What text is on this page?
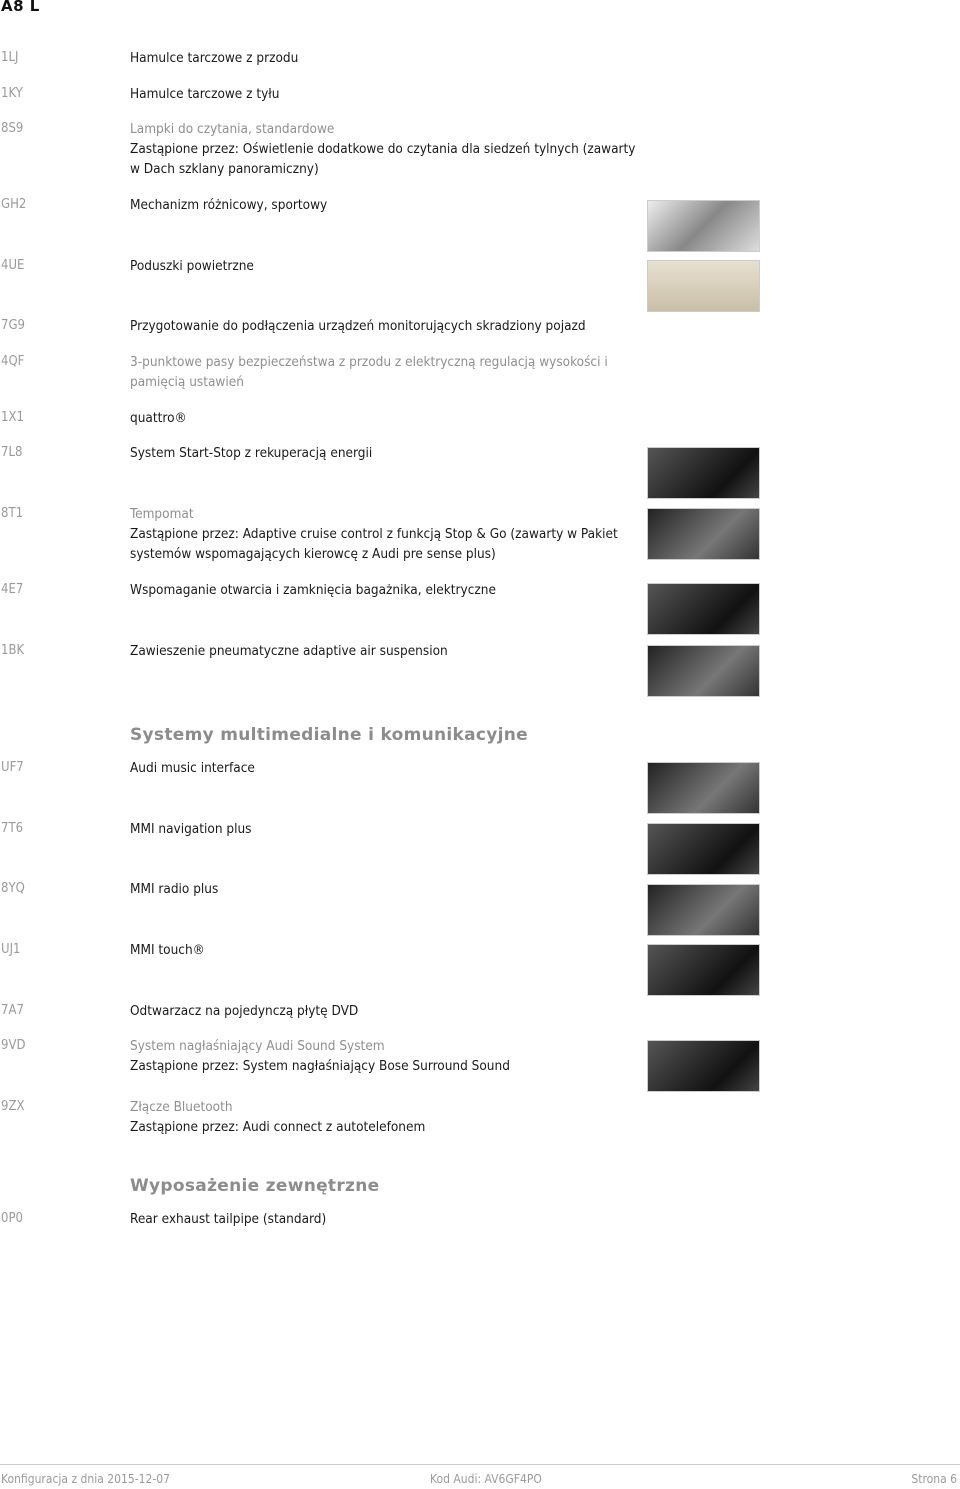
A8 L
1LJ	Hamulce tarczowe z przodu
1KY	Hamulce tarczowe z tyłu
8S9	Lampki do czytania, standardowe
Zastąpione przez: Oświetlenie dodatkowe do czytania dla siedzeń tylnych (zawarty w Dach szklany panoramiczny)
GH2	Mechanizm różnicowy, sportowy
4UE	Poduszki powietrzne
7G9	Przygotowanie do podłączenia urządzeń monitorujących skradziony pojazd
4QF	3-punktowe pasy bezpieczeństwa z przodu z elektryczną regulacją wysokości i pamięcią ustawień
1X1	quattro®
7L8	System Start-Stop z rekuperacją energii
8T1	Tempomat
Zastąpione przez: Adaptive cruise control z funkcją Stop & Go (zawarty w Pakiet systemów wspomagających kierowcę z Audi pre sense plus)
4E7	Wspomaganie otwarcia i zamknięcia bagażnika, elektryczne
1BK	Zawieszenie pneumatyczne adaptive air suspension
Systemy multimedialne i komunikacyjne
UF7	Audi music interface
7T6	MMI navigation plus
8YQ	MMI radio plus
UJ1	MMI touch®
7A7	Odtwarzacz na pojedynczą płytę DVD
9VD	System nagłaśniający Audi Sound System
Zastąpione przez: System nagłaśniający Bose Surround Sound
9ZX	Złącze Bluetooth
Zastąpione przez: Audi connect z autotelefonem
Wyposażenie zewnętrzne
0P0	Rear exhaust tailpipe (standard)
Konfiguracja z dnia 2015-12-07	Kod Audi: AV6GF4PO	Strona 6
